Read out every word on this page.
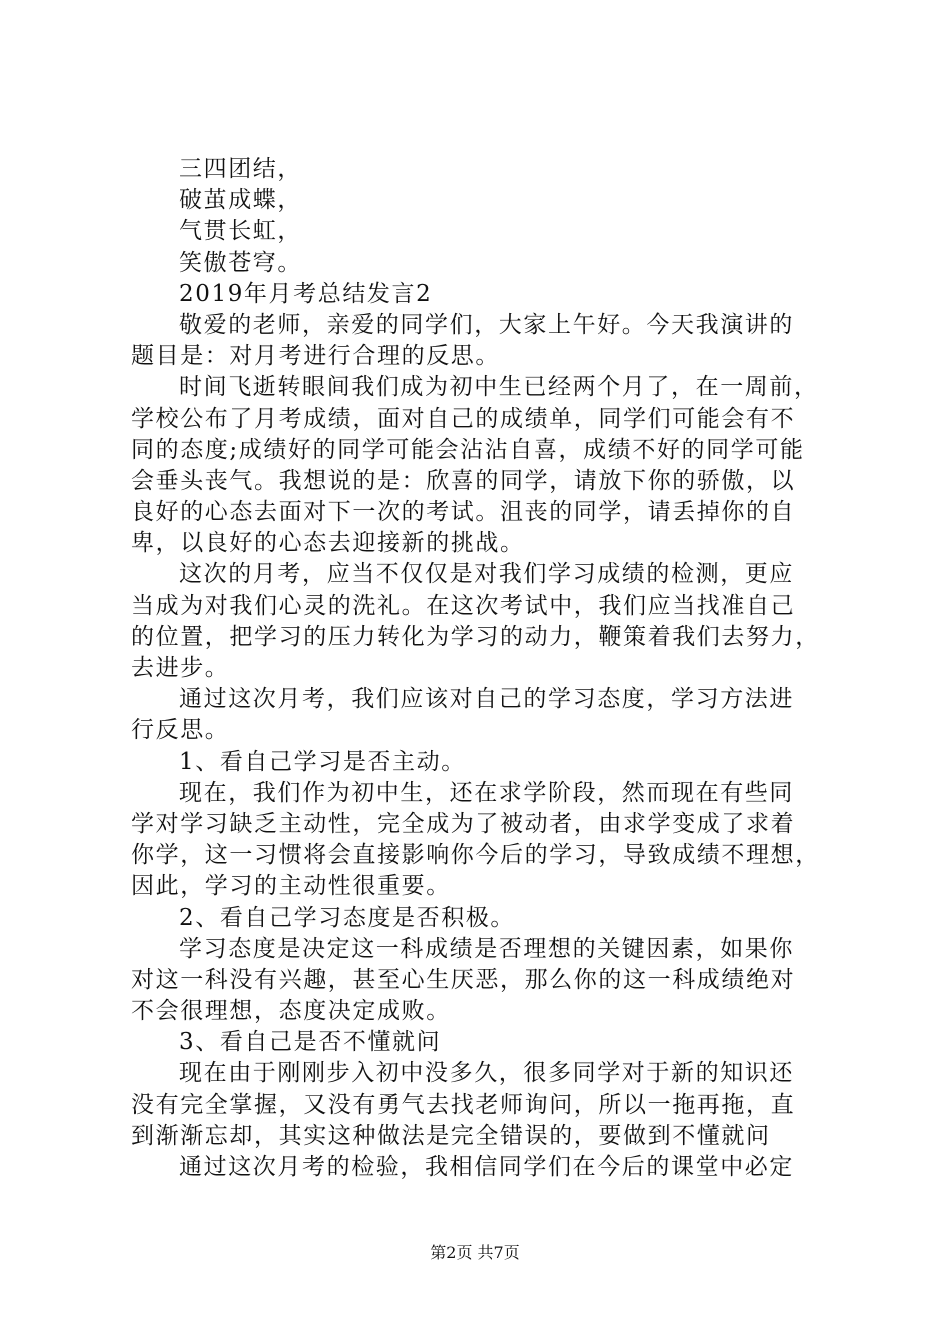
三四团结，
破茧成蝶，
气贯长虹，
笑傲苍穹。
2019年月考总结发言2
敬爱的老师，亲爱的同学们，大家上午好。今天我演讲的
题目是：对月考进行合理的反思。
时间飞逝转眼间我们成为初中生已经两个月了，在一周前，
学校公布了月考成绩，面对自己的成绩单，同学们可能会有不
同的态度;成绩好的同学可能会沾沾自喜，成绩不好的同学可能
会垂头丧气。我想说的是：欣喜的同学，请放下你的骄傲，以
良好的心态去面对下一次的考试。沮丧的同学，请丢掉你的自
卑，以良好的心态去迎接新的挑战。
这次的月考，应当不仅仅是对我们学习成绩的检测，更应
当成为对我们心灵的洗礼。在这次考试中，我们应当找准自己
的位置，把学习的压力转化为学习的动力，鞭策着我们去努力，
去进步。
通过这次月考，我们应该对自己的学习态度，学习方法进
行反思。
1、看自己学习是否主动。
现在，我们作为初中生，还在求学阶段，然而现在有些同
学对学习缺乏主动性，完全成为了被动者，由求学变成了求着
你学，这一习惯将会直接影响你今后的学习，导致成绩不理想，
因此，学习的主动性很重要。
2、看自己学习态度是否积极。
学习态度是决定这一科成绩是否理想的关键因素，如果你
对这一科没有兴趣，甚至心生厌恶，那么你的这一科成绩绝对
不会很理想，态度决定成败。
3、看自己是否不懂就问
现在由于刚刚步入初中没多久，很多同学对于新的知识还
没有完全掌握，又没有勇气去找老师询问，所以一拖再拖，直
到渐渐忘却，其实这种做法是完全错误的，要做到不懂就问
通过这次月考的检验，我相信同学们在今后的课堂中必定
第2页 共7页
